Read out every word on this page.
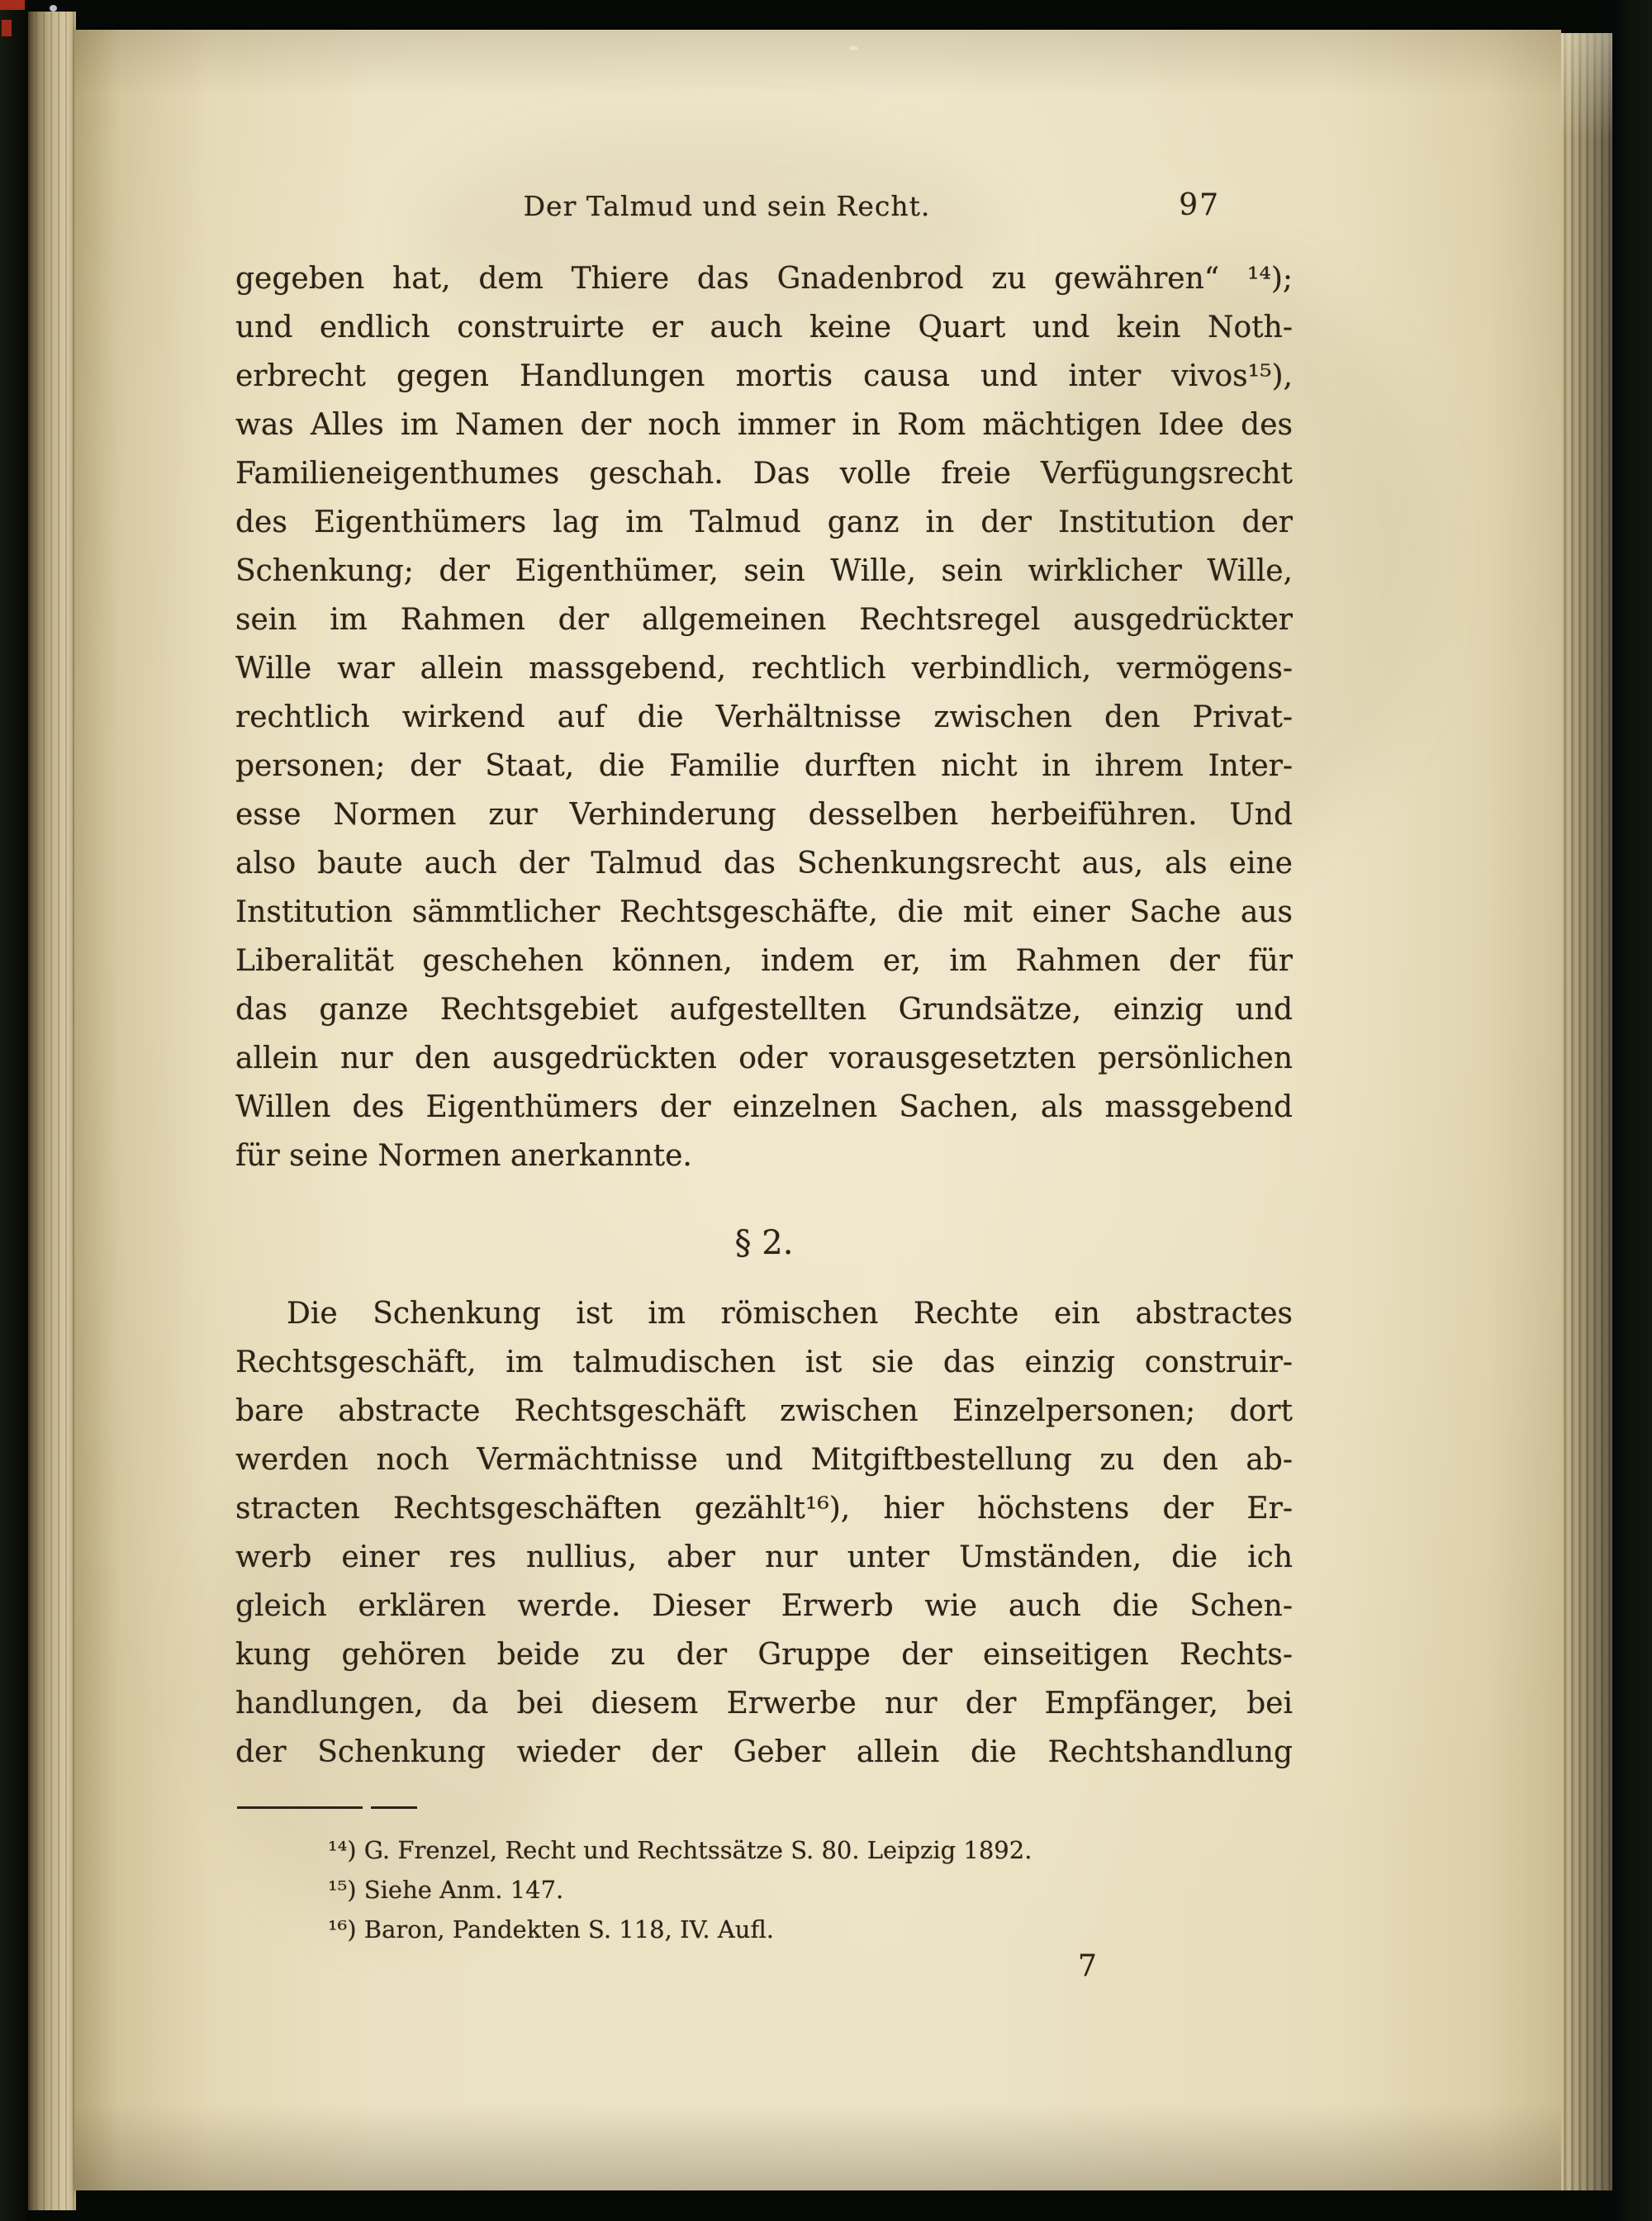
Der Talmud und sein Recht.	97
gegeben hat, dem Thiere das Gnadenbrod zu gewähren“ ¹⁴);
und endlich construirte er auch keine Quart und kein Noth-
erbrecht gegen Handlungen mortis causa und inter vivos¹⁵),
was Alles im Namen der noch immer in Rom mächtigen Idee des
Familieneigenthumes geschah. Das volle freie Verfügungsrecht
des Eigenthümers lag im Talmud ganz in der Institution der
Schenkung; der Eigenthümer, sein Wille, sein wirklicher Wille,
sein im Rahmen der allgemeinen Rechtsregel ausgedrückter
Wille war allein massgebend, rechtlich verbindlich, vermögens-
rechtlich wirkend auf die Verhältnisse zwischen den Privat-
personen; der Staat, die Familie durften nicht in ihrem Inter-
esse Normen zur Verhinderung desselben herbeiführen. Und
also baute auch der Talmud das Schenkungsrecht aus, als eine
Institution sämmtlicher Rechtsgeschäfte, die mit einer Sache aus
Liberalität geschehen können, indem er, im Rahmen der für
das ganze Rechtsgebiet aufgestellten Grundsätze, einzig und
allein nur den ausgedrückten oder vorausgesetzten persönlichen
Willen des Eigenthümers der einzelnen Sachen, als massgebend
für seine Normen anerkannte.
§ 2.
Die Schenkung ist im römischen Rechte ein abstractes
Rechtsgeschäft, im talmudischen ist sie das einzig construir-
bare abstracte Rechtsgeschäft zwischen Einzelpersonen; dort
werden noch Vermächtnisse und Mitgiftbestellung zu den ab-
stracten Rechtsgeschäften gezählt¹⁶), hier höchstens der Er-
werb einer res nullius, aber nur unter Umständen, die ich
gleich erklären werde. Dieser Erwerb wie auch die Schen-
kung gehören beide zu der Gruppe der einseitigen Rechts-
handlungen, da bei diesem Erwerbe nur der Empfänger, bei
der Schenkung wieder der Geber allein die Rechtshandlung
¹⁴) G. Frenzel, Recht und Rechtssätze S. 80. Leipzig 1892.
¹⁵) Siehe Anm. 147.
¹⁶) Baron, Pandekten S. 118, IV. Aufl.
7
